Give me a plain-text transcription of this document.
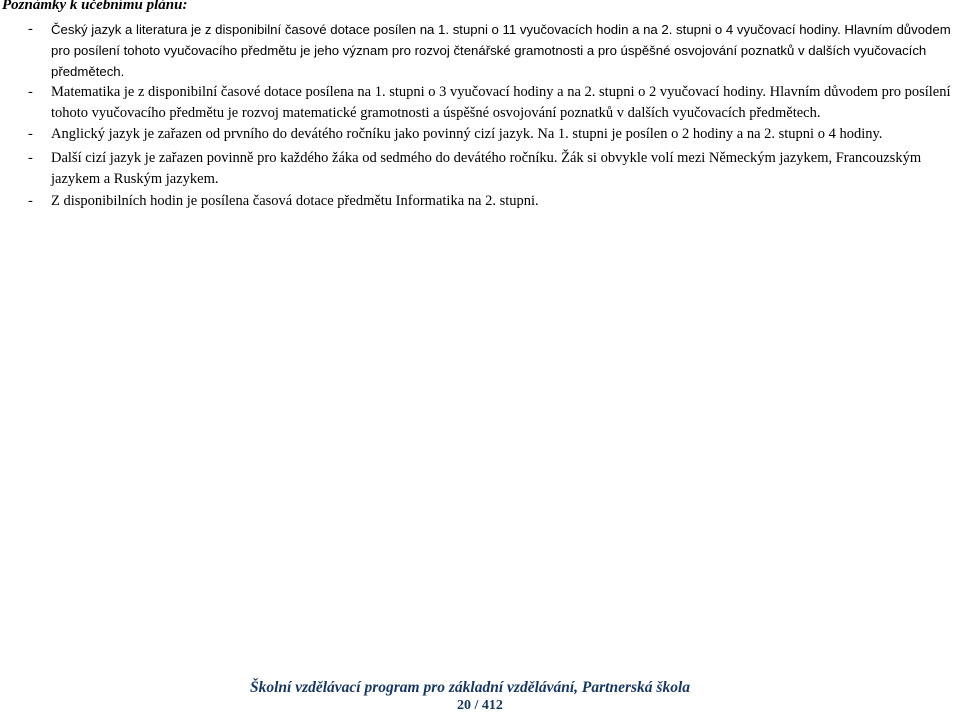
Poznámky k učebnímu plánu:
- Český jazyk a literatura je z disponibilní časové dotace posílen na 1. stupni o 11 vyučovacích hodin a na 2. stupni o 4 vyučovací hodiny. Hlavním důvodem pro posílení tohoto vyučovacího předmětu je jeho význam pro rozvoj čtenářské gramotnosti a pro úspěšné osvojování poznatků v dalších vyučovacích předmětech.

- Matematika je z disponibilní časové dotace posílena na 1. stupni o 3 vyučovací hodiny a na 2. stupni o 2 vyučovací hodiny. Hlavním důvodem pro posílení tohoto vyučovacího předmětu je rozvoj matematické gramotnosti a úspěšné osvojování poznatků v dalších vyučovacích předmětech.

- Anglický jazyk je zařazen od prvního do devátého ročníku jako povinný cizí jazyk. Na 1. stupni je posílen o 2 hodiny a na 2. stupni o 4 hodiny.

- Další cizí jazyk je zařazen povinně pro každého žáka od sedmého do devátého ročníku. Žák si obvykle volí mezi Německým jazykem, Francouzským jazykem a Ruským jazykem.

- Z disponibilních hodin je posílena časová dotace předmětu Informatika na 2. stupni.

Školní vzdělávací program pro základní vzdělávání, Partnerská škola

20 / 412
